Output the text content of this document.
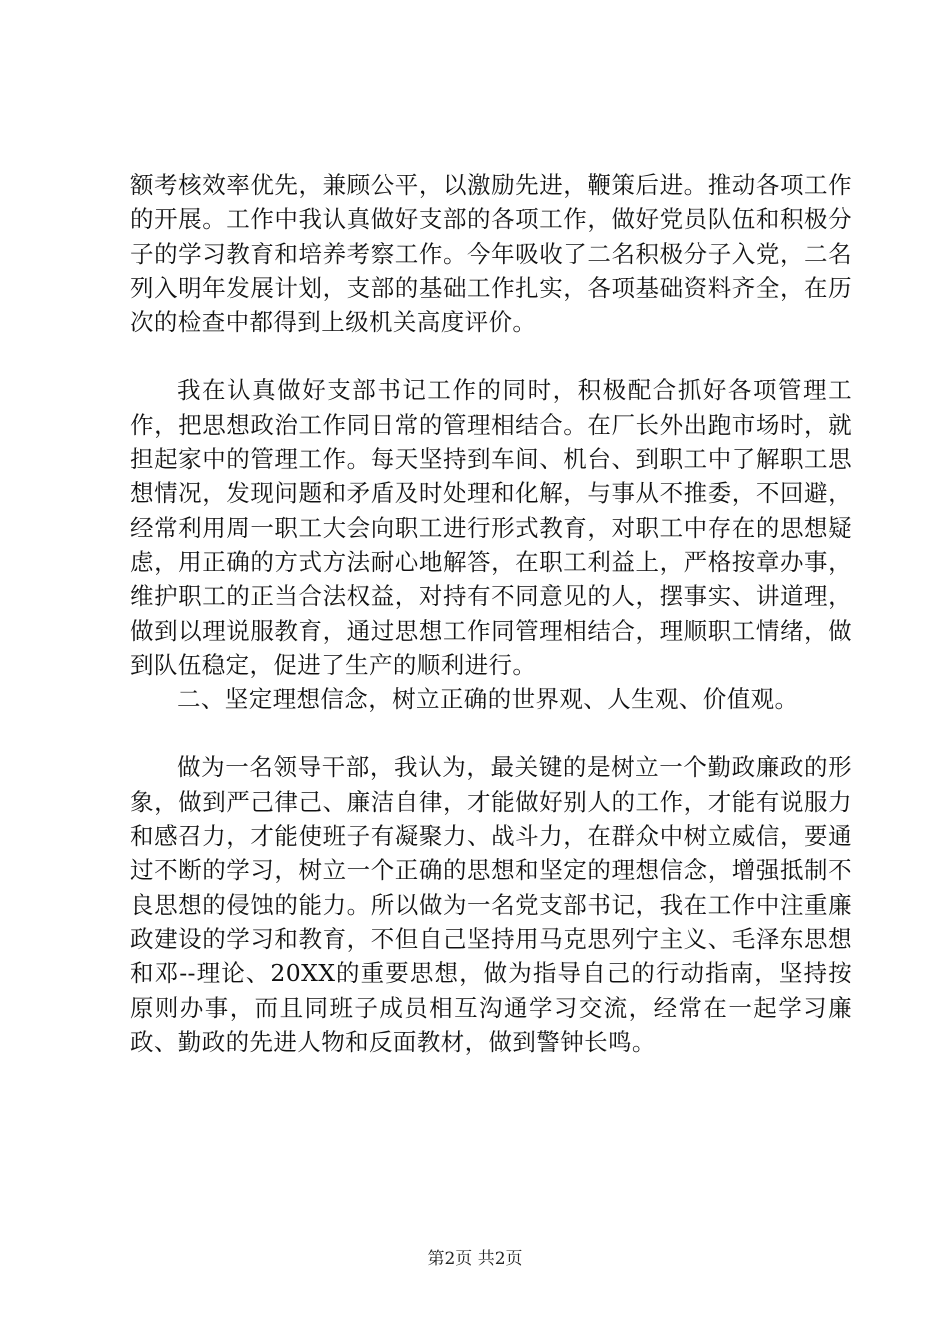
额考核效率优先，兼顾公平，以激励先进，鞭策后进。推动各项工作的开展。工作中我认真做好支部的各项工作，做好党员队伍和积极分子的学习教育和培养考察工作。今年吸收了二名积极分子入党，二名列入明年发展计划，支部的基础工作扎实，各项基础资料齐全，在历次的检查中都得到上级机关高度评价。

我在认真做好支部书记工作的同时，积极配合抓好各项管理工作，把思想政治工作同日常的管理相结合。在厂长外出跑市场时，就担起家中的管理工作。每天坚持到车间、机台、到职工中了解职工思想情况，发现问题和矛盾及时处理和化解，与事从不推委，不回避，经常利用周一职工大会向职工进行形式教育，对职工中存在的思想疑虑，用正确的方式方法耐心地解答，在职工利益上，严格按章办事，维护职工的正当合法权益，对持有不同意见的人，摆事实、讲道理，做到以理说服教育，通过思想工作同管理相结合，理顺职工情绪，做到队伍稳定，促进了生产的顺利进行。

二、坚定理想信念，树立正确的世界观、人生观、价值观。

做为一名领导干部，我认为，最关键的是树立一个勤政廉政的形象，做到严己律己、廉洁自律，才能做好别人的工作，才能有说服力和感召力，才能使班子有凝聚力、战斗力，在群众中树立威信，要通过不断的学习，树立一个正确的思想和坚定的理想信念，增强抵制不良思想的侵蚀的能力。所以做为一名党支部书记，我在工作中注重廉政建设的学习和教育，不但自己坚持用马克思列宁主义、毛泽东思想和邓--理论、20XX的重要思想，做为指导自己的行动指南，坚持按原则办事，而且同班子成员相互沟通学习交流，经常在一起学习廉政、勤政的先进人物和反面教材，做到警钟长鸣。

第2页 共2页
